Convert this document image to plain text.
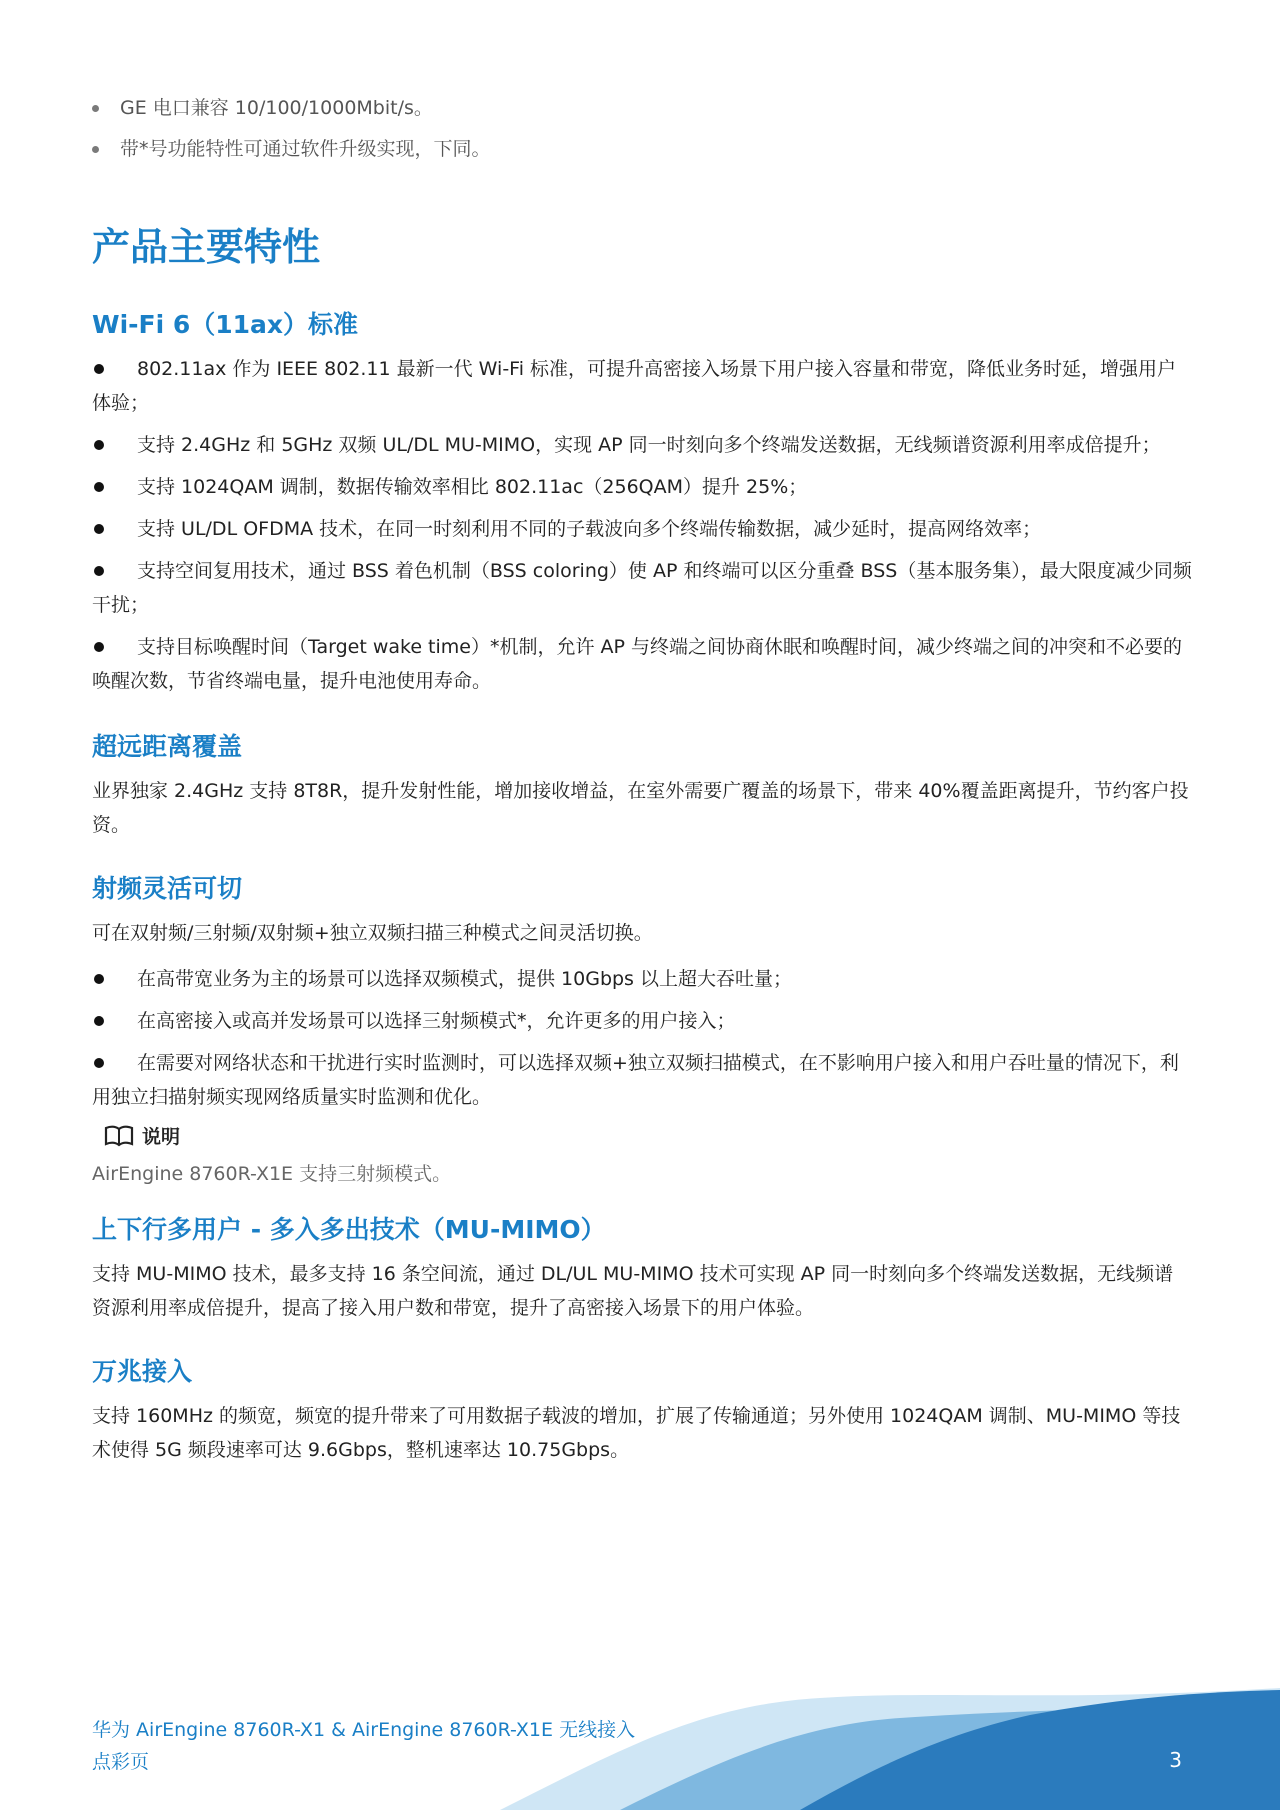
GE 电口兼容 10/100/1000Mbit/s。
带*号功能特性可通过软件升级实现，下同。
产品主要特性
Wi-Fi 6（11ax）标准
802.11ax 作为 IEEE 802.11 最新一代 Wi-Fi 标准，可提升高密接入场景下用户接入容量和带宽，降低业务时延，增强用户体验；
支持 2.4GHz 和 5GHz 双频 UL/DL MU-MIMO，实现 AP 同一时刻向多个终端发送数据，无线频谱资源利用率成倍提升；
支持 1024QAM 调制，数据传输效率相比 802.11ac（256QAM）提升 25%；
支持 UL/DL OFDMA 技术，在同一时刻利用不同的子载波向多个终端传输数据，减少延时，提高网络效率；
支持空间复用技术，通过 BSS 着色机制（BSS coloring）使 AP 和终端可以区分重叠 BSS（基本服务集），最大限度减少同频干扰；
支持目标唤醒时间（Target wake time）*机制，允许 AP 与终端之间协商休眠和唤醒时间，减少终端之间的冲突和不必要的唤醒次数，节省终端电量，提升电池使用寿命。
超远距离覆盖

业界独家 2.4GHz 支持 8T8R，提升发射性能，增加接收增益，在室外需要广覆盖的场景下，带来 40%覆盖距离提升，节约客户投资。

射频灵活可切

可在双射频/三射频/双射频+独立双频扫描三种模式之间灵活切换。

在高带宽业务为主的场景可以选择双频模式，提供 10Gbps 以上超大吞吐量；
在高密接入或高并发场景可以选择三射频模式*，允许更多的用户接入；
在需要对网络状态和干扰进行实时监测时，可以选择双频+独立双频扫描模式，在不影响用户接入和用户吞吐量的情况下，利用独立扫描射频实现网络质量实时监测和优化。
说明
AirEngine 8760R-X1E 支持三射频模式。
上下行多用户 - 多入多出技术（MU-MIMO）

支持 MU-MIMO 技术，最多支持 16 条空间流，通过 DL/UL MU-MIMO 技术可实现 AP 同一时刻向多个终端发送数据，无线频谱资源利用率成倍提升，提高了接入用户数和带宽，提升了高密接入场景下的用户体验。

万兆接入

支持 160MHz 的频宽，频宽的提升带来了可用数据子载波的增加，扩展了传输通道；另外使用 1024QAM 调制、MU-MIMO 等技术使得 5G 频段速率可达 9.6Gbps，整机速率达 10.75Gbps。

华为 AirEngine 8760R-X1 & AirEngine 8760R-X1E 无线接入点彩页	3
